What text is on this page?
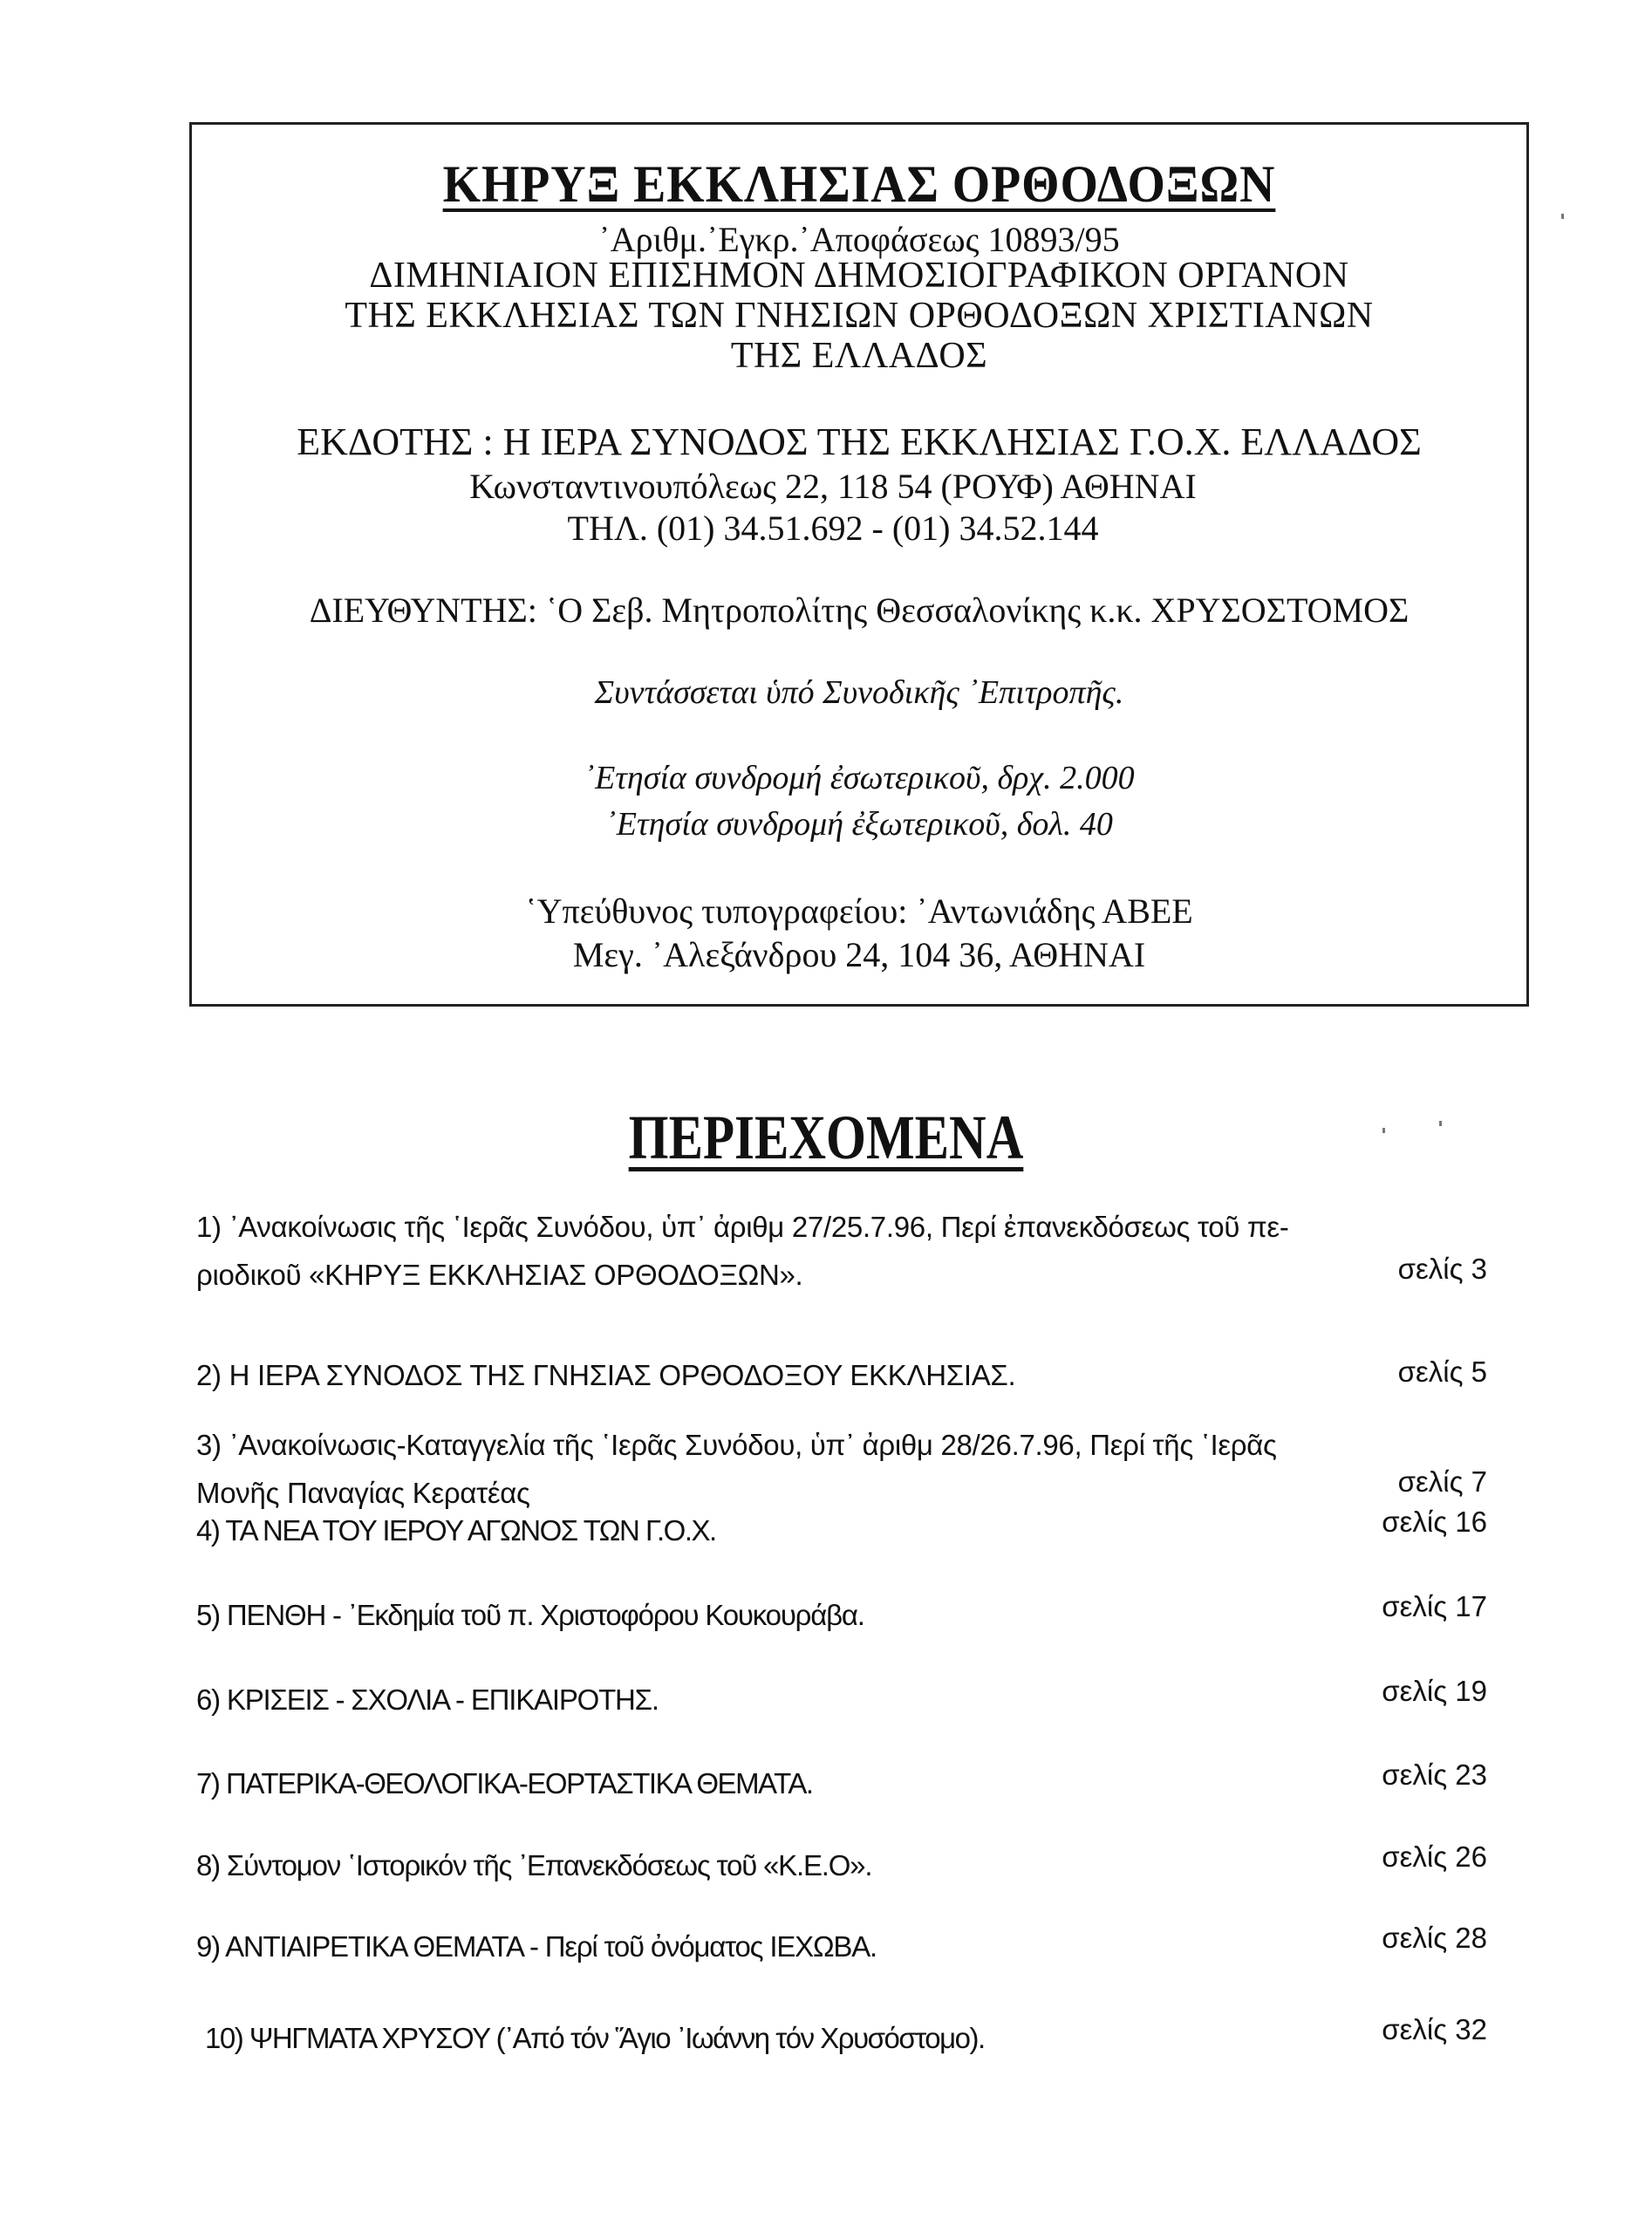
ΚΗΡΥΞ ΕΚΚΛΗΣΙΑΣ ΟΡΘΟΔΟΞΩΝ
᾿Αριθμ.᾿Εγκρ.᾿Αποφάσεως 10893/95
ΔΙΜΗΝΙΑΙΟΝ ΕΠΙΣΗΜΟΝ ΔΗΜΟΣΙΟΓΡΑΦΙΚΟΝ ΟΡΓΑΝΟΝ
ΤΗΣ ΕΚΚΛΗΣΙΑΣ ΤΩΝ ΓΝΗΣΙΩΝ ΟΡΘΟΔΟΞΩΝ ΧΡΙΣΤΙΑΝΩΝ
ΤΗΣ ΕΛΛΑΔΟΣ
ΕΚΔΟΤΗΣ : Η ΙΕΡΑ ΣΥΝΟΔΟΣ ΤΗΣ ΕΚΚΛΗΣΙΑΣ Γ.Ο.Χ. ΕΛΛΑΔΟΣ
Κωνσταντινουπόλεως 22, 118 54 (ΡΟΥΦ) ΑΘΗΝΑΙ
ΤΗΛ. (01) 34.51.692 - (01) 34.52.144
ΔΙΕΥΘΥΝΤΗΣ: ῾Ο Σεβ. Μητροπολίτης Θεσσαλονίκης κ.κ. ΧΡΥΣΟΣΤΟΜΟΣ
Συντάσσεται ὑπό Συνοδικῆς ᾿Επιτροπῆς.
᾿Ετησία συνδρομή ἐσωτερικοῦ, δρχ. 2.000
᾿Ετησία συνδρομή ἐξωτερικοῦ, δολ. 40
῾Υπεύθυνος τυπογραφείου: ᾿Αντωνιάδης ΑΒΕΕ
Μεγ. ᾿Αλεξάνδρου 24, 104 36, ΑΘΗΝΑΙ
ΠΕΡΙΕΧΟΜΕΝΑ
1) ᾿Ανακοίνωσις τῆς ῾Ιερᾶς Συνόδου, ὑπ᾿ ἀριθμ 27/25.7.96, Περί ἐπανεκδόσεως τοῦ πε-
ριοδικοῦ «ΚΗΡΥΞ ΕΚΚΛΗΣΙΑΣ ΟΡΘΟΔΟΞΩΝ».	σελίς 3
2) Η ΙΕΡΑ ΣΥΝΟΔΟΣ ΤΗΣ ΓΝΗΣΙΑΣ ΟΡΘΟΔΟΞΟΥ ΕΚΚΛΗΣΙΑΣ.	σελίς 5
3) ᾿Ανακοίνωσις-Καταγγελία τῆς ῾Ιερᾶς Συνόδου, ὑπ᾿ ἀριθμ 28/26.7.96, Περί τῆς ῾Ιερᾶς
Μονῆς Παναγίας Κερατέας	σελίς 7
4) ΤΑ ΝΕΑ ΤΟΥ ΙΕΡΟΥ ΑΓΩΝΟΣ ΤΩΝ Γ.Ο.Χ.	σελίς 16
5) ΠΕΝΘΗ - ᾿Εκδημία τοῦ π. Χριστοφόρου Κουκουράβα.	σελίς 17
6) ΚΡΙΣΕΙΣ - ΣΧΟΛΙΑ - ΕΠΙΚΑΙΡΟΤΗΣ.	σελίς 19
7) ΠΑΤΕΡΙΚΑ-ΘΕΟΛΟΓΙΚΑ-ΕΟΡΤΑΣΤΙΚΑ ΘΕΜΑΤΑ.	σελίς 23
8) Σύντομον ῾Ιστορικόν τῆς ᾿Επανεκδόσεως τοῦ «Κ.Ε.Ο».	σελίς 26
9) ΑΝΤΙΑΙΡΕΤΙΚΑ ΘΕΜΑΤΑ - Περί τοῦ ὀνόματος ΙΕΧΩΒΑ.	σελίς 28
10) ΨΗΓΜΑΤΑ ΧΡΥΣΟΥ (᾿Από τόν Ἅγιο ᾿Ιωάννη τόν Χρυσόστομο).	σελίς 32
